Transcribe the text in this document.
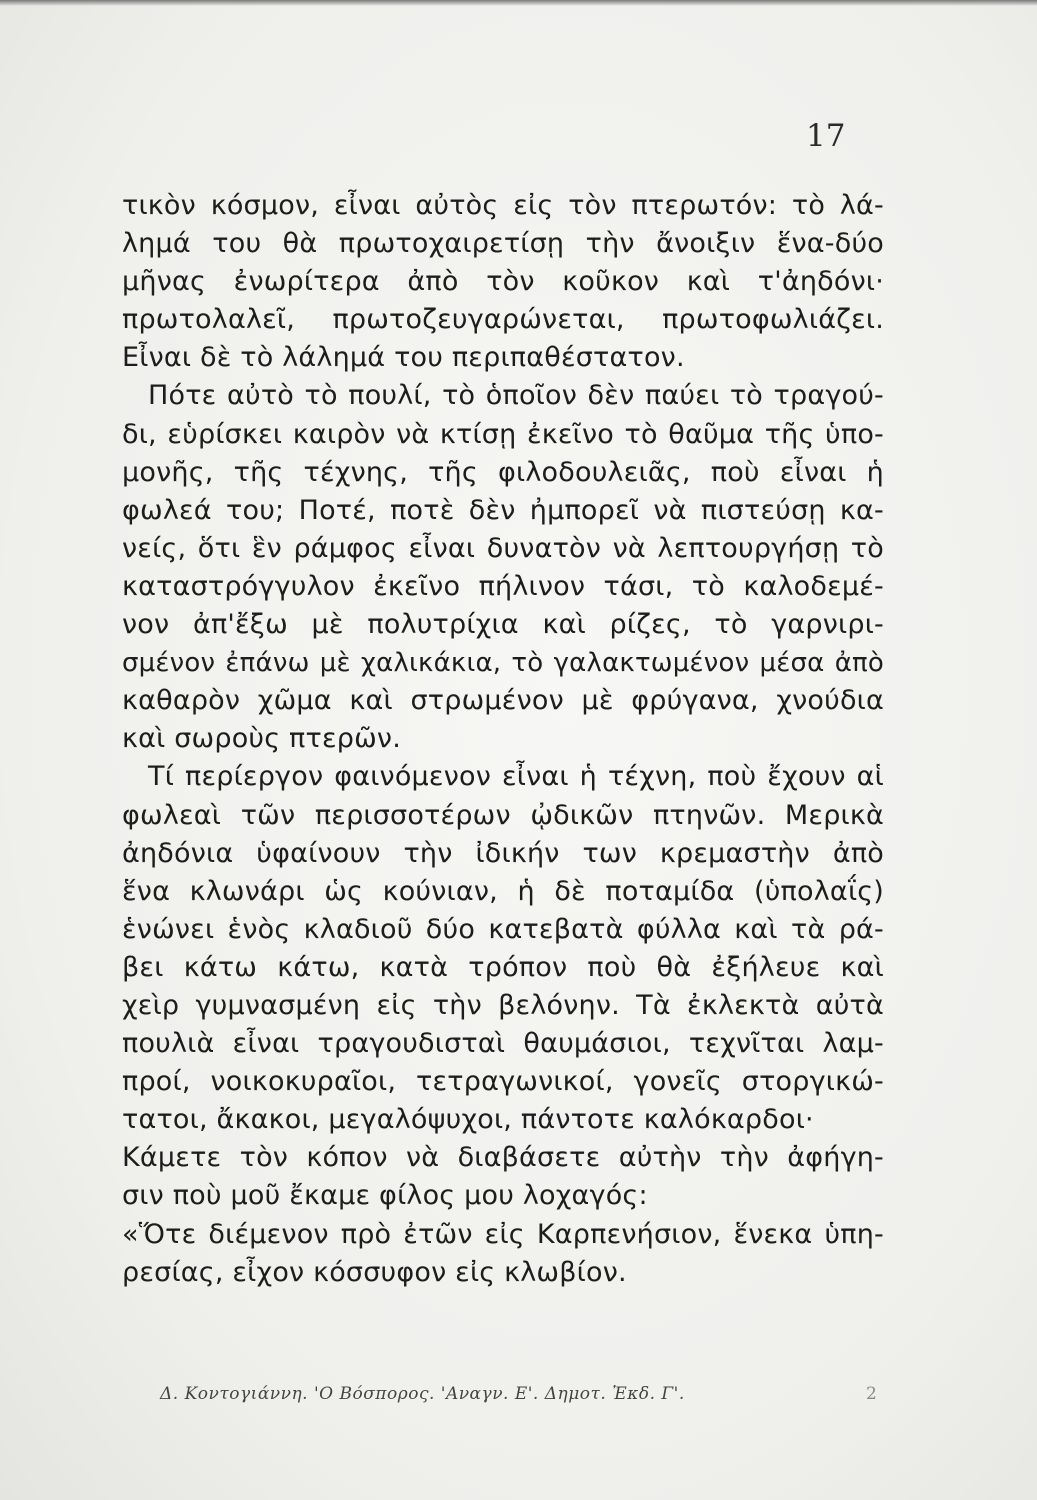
17
τικὸν κόσμον, εἶναι αὐτὸς εἰς τὸν πτερωτόν: τὸ λά-
λημά του θὰ πρωτοχαιρετίσῃ τὴν ἄνοιξιν ἕνα-δύο
μῆνας ἐνωρίτερα ἀπὸ τὸν κοῦκον καὶ τ'ἀηδόνι·
πρωτολαλεῖ, πρωτοζευγαρώνεται, πρωτοφωλιάζει.
Εἶναι δὲ τὸ λάλημά του περιπαθέστατον.
Πότε αὐτὸ τὸ πουλί, τὸ ὁποῖον δὲν παύει τὸ τραγού-
δι, εὑρίσκει καιρὸν νὰ κτίσῃ ἐκεῖνο τὸ θαῦμα τῆς ὑπο-
μονῆς, τῆς τέχνης, τῆς φιλοδουλειᾶς, ποὺ εἶναι ἡ
φωλεά του; Ποτέ, ποτὲ δὲν ἠμπορεῖ νὰ πιστεύσῃ κα-
νείς, ὅτι ἓν ράμφος εἶναι δυνατὸν νὰ λεπτουργήσῃ τὸ
καταστρόγγυλον ἐκεῖνο πήλινον τάσι, τὸ καλοδεμέ-
νον ἀπ'ἔξω μὲ πολυτρίχια καὶ ρίζες, τὸ γαρνιρι-
σμένον ἐπάνω μὲ χαλικάκια, τὸ γαλακτωμένον μέσα ἀπὸ
καθαρὸν χῶμα καὶ στρωμένον μὲ φρύγανα, χνούδια
καὶ σωροὺς πτερῶν.
Τί περίεργον φαινόμενον εἶναι ἡ τέχνη, ποὺ ἔχουν αἱ
φωλεαὶ τῶν περισσοτέρων ᾠδικῶν πτηνῶν. Μερικὰ
ἀηδόνια ὑφαίνουν τὴν ἰδικήν των κρεμαστὴν ἀπὸ
ἕνα κλωνάρι ὡς κούνιαν, ἡ δὲ ποταμίδα (ὑπολαΐς)
ἑνώνει ἑνὸς κλαδιοῦ δύο κατεβατὰ φύλλα καὶ τὰ ρά-
βει κάτω κάτω, κατὰ τρόπον ποὺ θὰ ἐξήλευε καὶ
χεὶρ γυμνασμένη εἰς τὴν βελόνην. Τὰ ἐκλεκτὰ αὐτὰ
πουλιὰ εἶναι τραγουδισταὶ θαυμάσιοι, τεχνῖται λαμ-
προί, νοικοκυραῖοι, τετραγωνικοί, γονεῖς στοργικώ-
τατοι, ἄκακοι, μεγαλόψυχοι, πάντοτε καλόκαρδοι·
Κάμετε τὸν κόπον νὰ διαβάσετε αὐτὴν τὴν ἀφήγη-
σιν ποὺ μοῦ ἔκαμε φίλος μου λοχαγός:
«Ὅτε διέμενον πρὸ ἐτῶν εἰς Καρπενήσιον, ἕνεκα ὑπη-
ρεσίας, εἶχον κόσσυφον εἰς κλωβίον.
Δ. Κοντογιάννη. 'Ο Βόσπορος. 'Αναγν. Ε'. Δημοτ. Ἐκδ. Γ'.	2
